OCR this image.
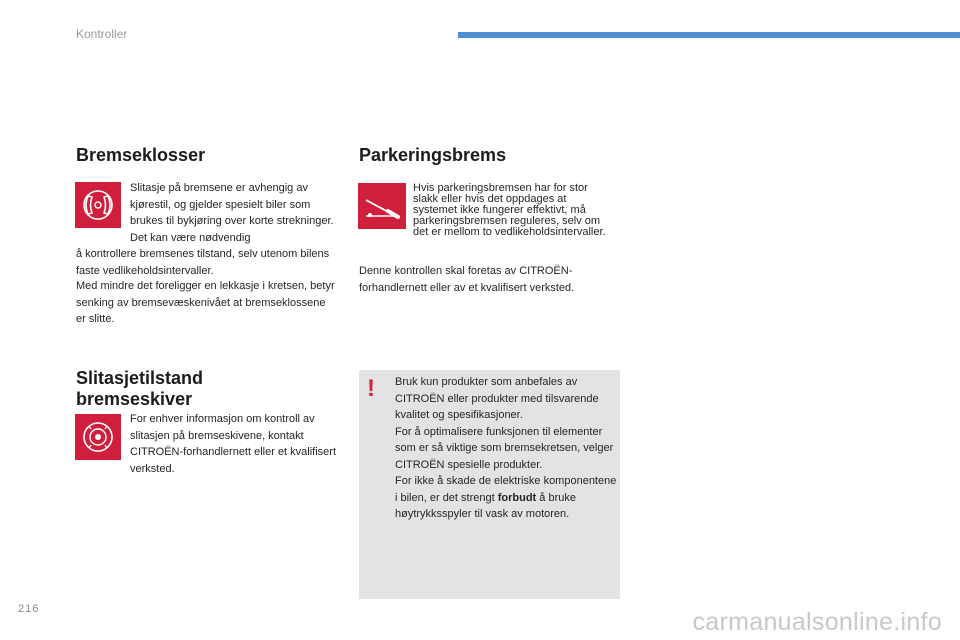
Kontroller
Bremseklosser

Slitasje på bremsene er avhengig av kjørestil, og gjelder spesielt biler som brukes til bykjøring over korte strekninger. Det kan være nødvendig

å kontrollere bremsenes tilstand, selv utenom bilens faste vedlikeholdsintervaller.

Med mindre det foreligger en lekkasje i kretsen, betyr senking av bremsevæskenivået at bremseklossene er slitte.

Slitasjetilstand
bremseskiver

For enhver informasjon om kontroll av slitasjen på bremseskivene, kontakt CITROËN-forhandlernett eller et kvalifisert verksted.

Parkeringsbrems

Hvis parkeringsbremsen har for stor slakk eller hvis det oppdages at systemet ikke fungerer effektivt, må parkeringsbremsen reguleres, selv om det er mellom to vedlikeholdsintervaller.

Denne kontrollen skal foretas av CITROËN-forhandlernett eller av et kvalifisert verksted.

! Bruk kun produkter som anbefales av CITROËN eller produkter med tilsvarende kvalitet og spesifikasjoner.
For å optimalisere funksjonen til elementer som er så viktige som bremsekretsen, velger CITROËN spesielle produkter.
For ikke å skade de elektriske komponentene i bilen, er det strengt forbudt å bruke høytrykksspyler til vask av motoren.

216	carmanualsonline.info
